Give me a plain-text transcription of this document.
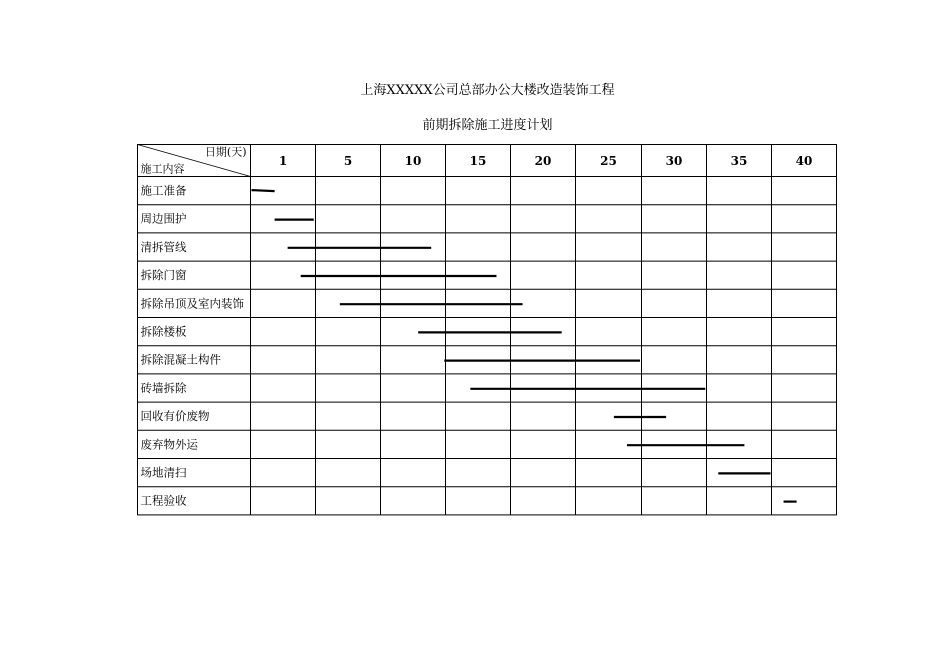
上海XXXXX公司总部办公大楼改造装饰工程
前期拆除施工进度计划
日期(天)
施工内容
1	5	10	15	20	25	30	35	40
施工准备
周边围护
清拆管线
拆除门窗
拆除吊顶及室内装饰
拆除楼板
拆除混凝土构件
砖墙拆除
回收有价废物
废弃物外运
场地清扫
工程验收
